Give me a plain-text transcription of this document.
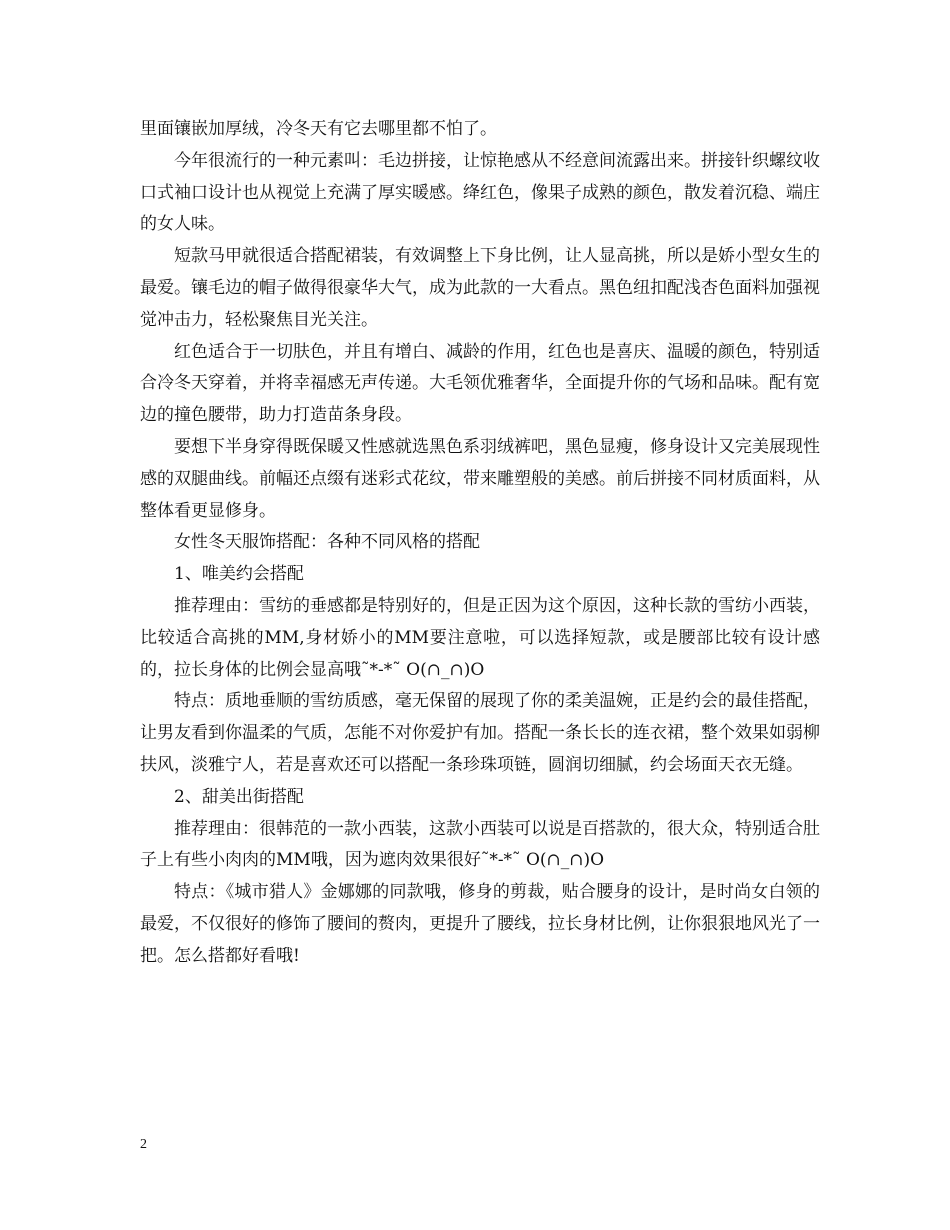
里面镶嵌加厚绒，冷冬天有它去哪里都不怕了。

今年很流行的一种元素叫：毛边拼接，让惊艳感从不经意间流露出来。拼接针织螺纹收口式袖口设计也从视觉上充满了厚实暖感。绛红色，像果子成熟的颜色，散发着沉稳、端庄的女人味。

短款马甲就很适合搭配裙装，有效调整上下身比例，让人显高挑，所以是娇小型女生的最爱。镶毛边的帽子做得很豪华大气，成为此款的一大看点。黑色纽扣配浅杏色面料加强视觉冲击力，轻松聚焦目光关注。

红色适合于一切肤色，并且有增白、减龄的作用，红色也是喜庆、温暖的颜色，特别适合冷冬天穿着，并将幸福感无声传递。大毛领优雅奢华，全面提升你的气场和品味。配有宽边的撞色腰带，助力打造苗条身段。

要想下半身穿得既保暖又性感就选黑色系羽绒裤吧，黑色显瘦，修身设计又完美展现性感的双腿曲线。前幅还点缀有迷彩式花纹，带来雕塑般的美感。前后拼接不同材质面料，从整体看更显修身。

女性冬天服饰搭配：各种不同风格的搭配

1、唯美约会搭配

推荐理由：雪纺的垂感都是特别好的，但是正因为这个原因，这种长款的雪纺小西装，比较适合高挑的MM,身材娇小的MM要注意啦，可以选择短款，或是腰部比较有设计感的，拉长身体的比例会显高哦˜*-*˜ O(∩_∩)O

特点：质地垂顺的雪纺质感，毫无保留的展现了你的柔美温婉，正是约会的最佳搭配，让男友看到你温柔的气质，怎能不对你爱护有加。搭配一条长长的连衣裙，整个效果如弱柳扶风，淡雅宁人，若是喜欢还可以搭配一条珍珠项链，圆润切细腻，约会场面天衣无缝。

2、甜美出街搭配

推荐理由：很韩范的一款小西装，这款小西装可以说是百搭款的，很大众，特别适合肚子上有些小肉肉的MM哦，因为遮肉效果很好˜*-*˜ O(∩_∩)O

特点：《城市猎人》金娜娜的同款哦，修身的剪裁，贴合腰身的设计，是时尚女白领的最爱，不仅很好的修饰了腰间的赘肉，更提升了腰线，拉长身材比例，让你狠狠地风光了一把。怎么搭都好看哦!

2
